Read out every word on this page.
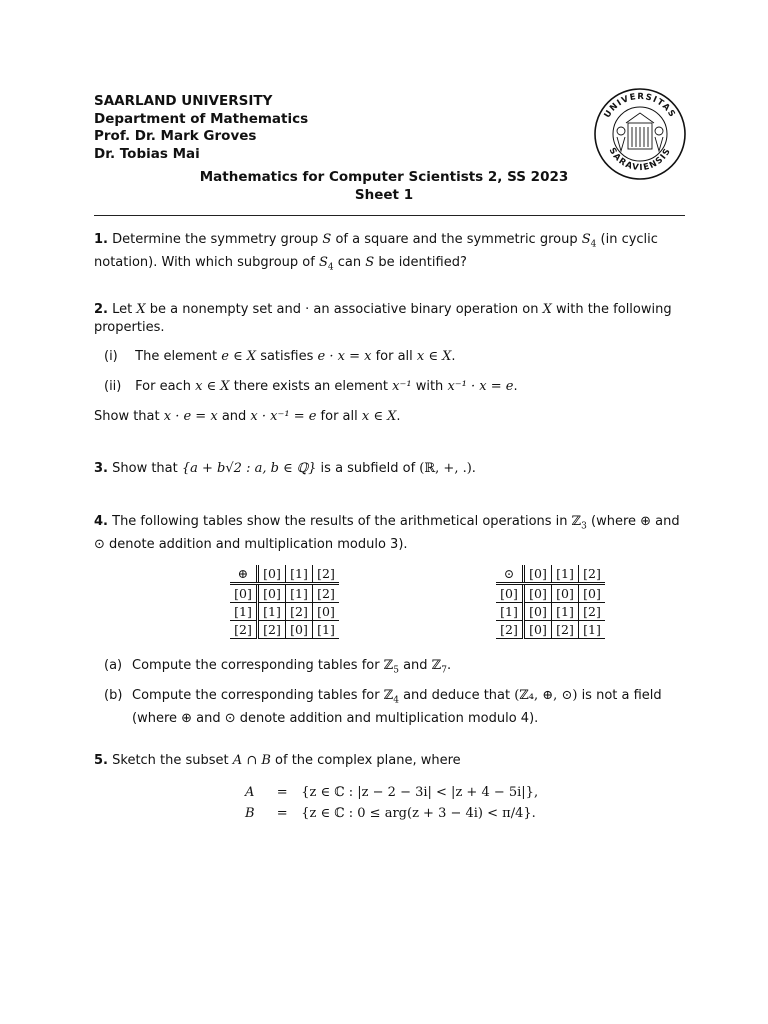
SAARLAND UNIVERSITY
Department of Mathematics
Prof. Dr. Mark Groves
Dr. Tobias Mai
UNIVERSITAS
SARAVIENSIS
Mathematics for Computer Scientists 2, SS 2023
Sheet 1
1. Determine the symmetry group S of a square and the symmetric group $S_4$ (in cyclic notation). With which subgroup of $S_4$ can S be identified?
2. Let X be a nonempty set and · an associative binary operation on X with the following properties.
(i) The element e ∈ X satisfies e · x = x for all x ∈ X.
(ii) For each x ∈ X there exists an element x⁻¹ with x⁻¹ · x = e.
Show that x · e = x and x · x⁻¹ = e for all x ∈ X.
3. Show that {a + b√2 : a, b ∈ ℚ} is a subfield of (ℝ, +, .).
4. The following tables show the results of the arithmetical operations in ℤ$_3$ (where ⊕ and ⊙ denote addition and multiplication modulo 3).
⊕	[0]	[1]	[2]
[0]	[0]	[1]	[2]
[1]	[1]	[2]	[0]
[2]	[2]	[0]	[1]
⊙	[0]	[1]	[2]
[0]	[0]	[0]	[0]
[1]	[0]	[1]	[2]
[2]	[0]	[2]	[1]
(a) Compute the corresponding tables for ℤ$_5$ and ℤ$_7$.
(b) Compute the corresponding tables for ℤ$_4$ and deduce that (ℤ₄, ⊕, ⊙) is not a field
(where ⊕ and ⊙ denote addition and multiplication modulo 4).
5. Sketch the subset A ∩ B of the complex plane, where
A = {z ∈ ℂ : |z − 2 − 3i| < |z + 4 − 5i|},
B = {z ∈ ℂ : 0 ≤ arg(z + 3 − 4i) < π/4}.
